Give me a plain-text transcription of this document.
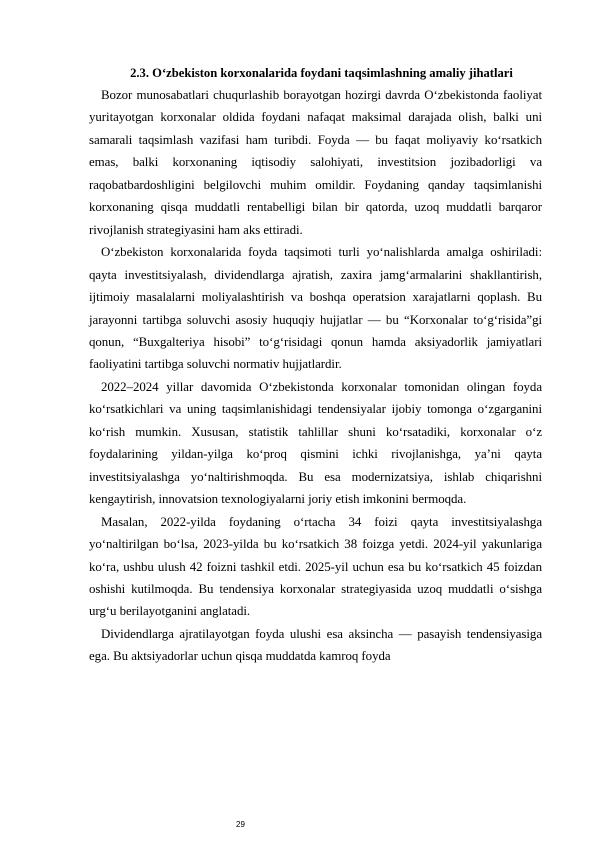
2.3. O‘zbekiston korxonalarida foydani taqsimlashning amaliy jihatlari

Bozor munosabatlari chuqurlashib borayotgan hozirgi davrda O‘zbekistonda faoliyat yuritayotgan korxonalar oldida foydani nafaqat maksimal darajada olish, balki uni samarali taqsimlash vazifasi ham turibdi. Foyda — bu faqat moliyaviy ko‘rsatkich emas, balki korxonaning iqtisodiy salohiyati, investitsion jozibadorligi va raqobatbardoshligini belgilovchi muhim omildir. Foydaning qanday taqsimlanishi korxonaning qisqa muddatli rentabelligi bilan bir qatorda, uzoq muddatli barqaror rivojlanish strategiyasini ham aks ettiradi.

O‘zbekiston korxonalarida foyda taqsimoti turli yo‘nalishlarda amalga oshiriladi: qayta investitsiyalash, dividendlarga ajratish, zaxira jamg‘armalarini shakllantirish, ijtimoiy masalalarni moliyalashtirish va boshqa operatsion xarajatlarni qoplash. Bu jarayonni tartibga soluvchi asosiy huquqiy hujjatlar — bu “Korxonalar to‘g‘risida”gi qonun, “Buxgalteriya hisobi” to‘g‘risidagi qonun hamda aksiyadorlik jamiyatlari faoliyatini tartibga soluvchi normativ hujjatlardir.

2022–2024 yillar davomida O‘zbekistonda korxonalar tomonidan olingan foyda ko‘rsatkichlari va uning taqsimlanishidagi tendensiyalar ijobiy tomonga o‘zgarganini ko‘rish mumkin. Xususan, statistik tahlillar shuni ko‘rsatadiki, korxonalar o‘z foydalarining yildan-yilga ko‘proq qismini ichki rivojlanishga, ya’ni qayta investitsiyalashga yo‘naltirishmoqda. Bu esa modernizatsiya, ishlab chiqarishni kengaytirish, innovatsion texnologiyalarni joriy etish imkonini bermoqda.

Masalan, 2022-yilda foydaning o‘rtacha 34 foizi qayta investitsiyalashga yo‘naltirilgan bo‘lsa, 2023-yilda bu ko‘rsatkich 38 foizga yetdi. 2024-yil yakunlariga ko‘ra, ushbu ulush 42 foizni tashkil etdi. 2025-yil uchun esa bu ko‘rsatkich 45 foizdan oshishi kutilmoqda. Bu tendensiya korxonalar strategiyasida uzoq muddatli o‘sishga urg‘u berilayotganini anglatadi.

Dividendlarga ajratilayotgan foyda ulushi esa aksincha — pasayish tendensiyasiga ega. Bu aktsiyadorlar uchun qisqa muddatda kamroq foyda

29
